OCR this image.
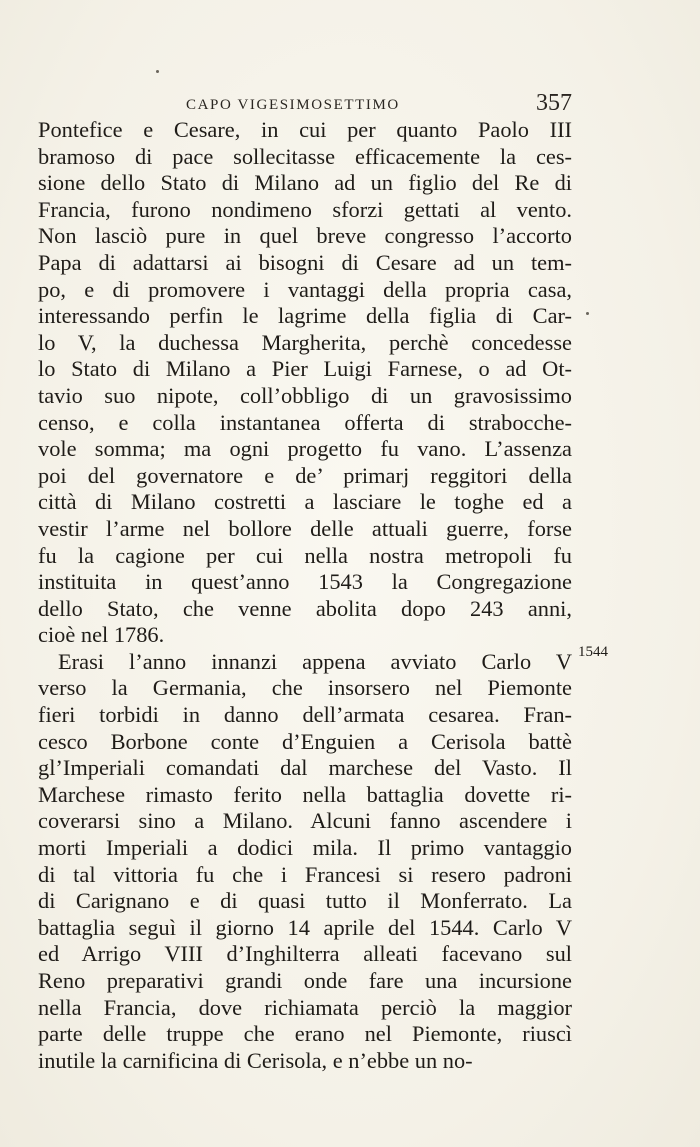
CAPO VIGESIMOSETTIMO	357
Pontefice e Cesare, in cui per quanto Paolo III
bramoso di pace sollecitasse efficacemente la ces-
sione dello Stato di Milano ad un figlio del Re di
Francia, furono nondimeno sforzi gettati al vento.
Non lasciò pure in quel breve congresso l’accorto
Papa di adattarsi ai bisogni di Cesare ad un tem-
po, e di promovere i vantaggi della propria casa,
interessando perfin le lagrime della figlia di Car-
lo V, la duchessa Margherita, perchè concedesse
lo Stato di Milano a Pier Luigi Farnese, o ad Ot-
tavio suo nipote, coll’obbligo di un gravosissimo
censo, e colla instantanea offerta di strabocche-
vole somma; ma ogni progetto fu vano. L’assenza
poi del governatore e de’ primarj reggitori della
città di Milano costretti a lasciare le toghe ed a
vestir l’arme nel bollore delle attuali guerre, forse
fu la cagione per cui nella nostra metropoli fu
instituita in quest’anno 1543 la Congregazione
dello Stato, che venne abolita dopo 243 anni,
cioè nel 1786.
Erasi l’anno innanzi appena avviato Carlo V
verso la Germania, che insorsero nel Piemonte
fieri torbidi in danno dell’armata cesarea. Fran-
cesco Borbone conte d’Enguien a Cerisola battè
gl’Imperiali comandati dal marchese del Vasto. Il
Marchese rimasto ferito nella battaglia dovette ri-
coverarsi sino a Milano. Alcuni fanno ascendere i
morti Imperiali a dodici mila. Il primo vantaggio
di tal vittoria fu che i Francesi si resero padroni
di Carignano e di quasi tutto il Monferrato. La
battaglia seguì il giorno 14 aprile del 1544. Carlo V
ed Arrigo VIII d’Inghilterra alleati facevano sul
Reno preparativi grandi onde fare una incursione
nella Francia, dove richiamata perciò la maggior
parte delle truppe che erano nel Piemonte, riuscì
inutile la carnificina di Cerisola, e n’ebbe un no-
1544
